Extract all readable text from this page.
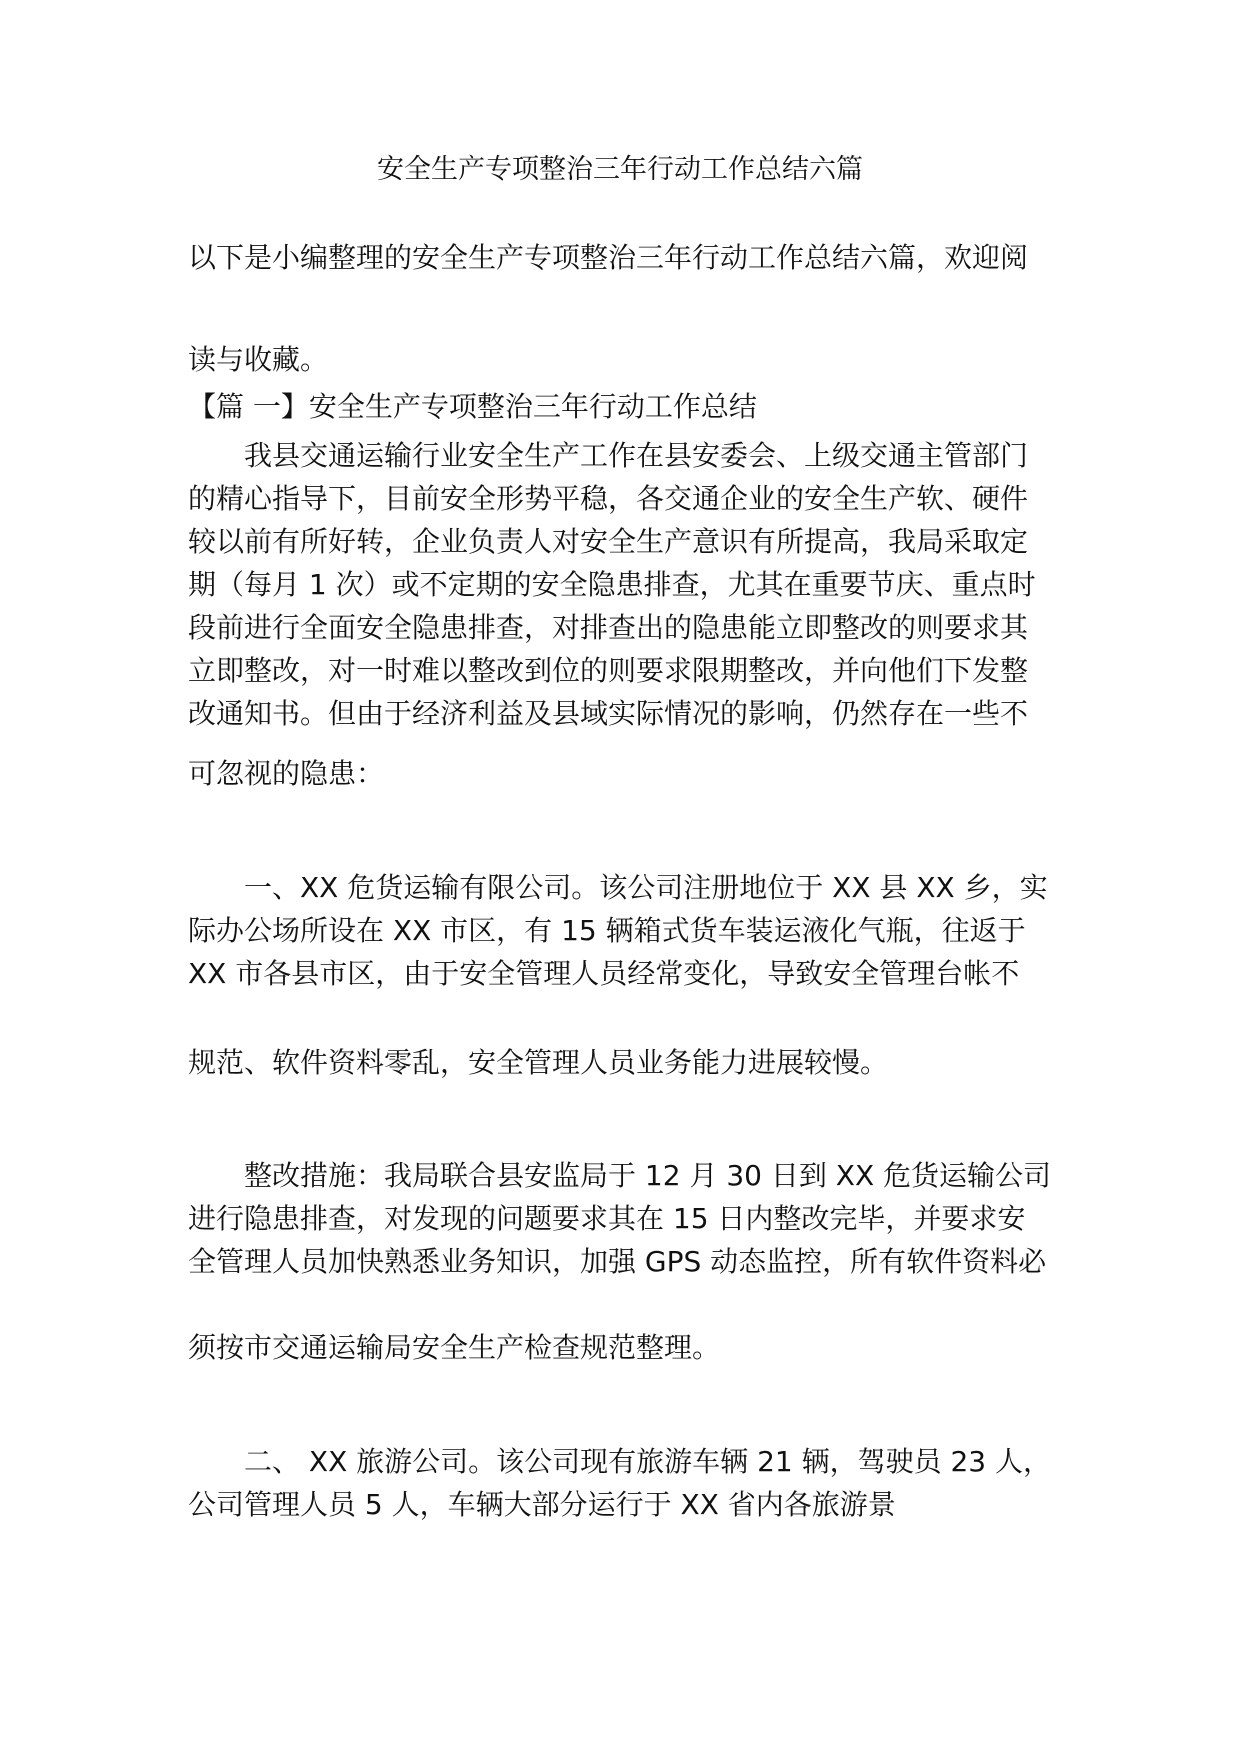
安全生产专项整治三年行动工作总结六篇
以下是小编整理的安全生产专项整治三年行动工作总结六篇，欢迎阅
读与收藏。
【篇 一】安全生产专项整治三年行动工作总结
我县交通运输行业安全生产工作在县安委会、上级交通主管部门 的精心指导下，目前安全形势平稳，各交通企业的安全生产软、硬件 较以前有所好转，企业负责人对安全生产意识有所提高，我局采取定 期（每月 1 次）或不定期的安全隐患排查，尤其在重要节庆、重点时 段前进行全面安全隐患排查，对排查出的隐患能立即整改的则要求其 立即整改，对一时难以整改到位的则要求限期整改，并向他们下发整 改通知书。但由于经济利益及县域实际情况的影响，仍然存在一些不
可忽视的隐患：
一、XX 危货运输有限公司。该公司注册地位于 XX 县 XX 乡，实 际办公场所设在 XX 市区，有 15 辆箱式货车装运液化气瓶，往返于 XX 市各县市区，由于安全管理人员经常变化，导致安全管理台帐不
规范、软件资料零乱，安全管理人员业务能力进展较慢。
整改措施：我局联合县安监局于 12 月 30 日到 XX 危货运输公司 进行隐患排查，对发现的问题要求其在 15 日内整改完毕，并要求安 全管理人员加快熟悉业务知识，加强 GPS 动态监控，所有软件资料必
须按市交通运输局安全生产检查规范整理。
二、 XX 旅游公司。该公司现有旅游车辆 21 辆，驾驶员 23 人， 公司管理人员 5 人，车辆大部分运行于 XX 省内各旅游景
